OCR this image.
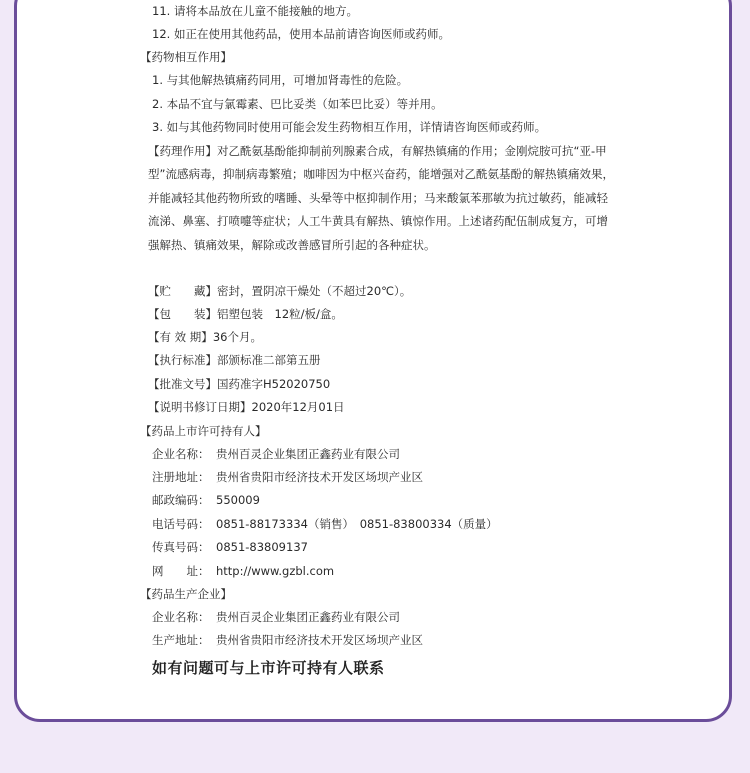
11. 请将本品放在儿童不能接触的地方。
12. 如正在使用其他药品，使用本品前请咨询医师或药师。
【药物相互作用】
1. 与其他解热镇痛药同用，可增加肾毒性的危险。
2. 本品不宜与氯霉素、巴比妥类（如苯巴比妥）等并用。
3. 如与其他药物同时使用可能会发生药物相互作用，详情请咨询医师或药师。
【药理作用】对乙酰氨基酚能抑制前列腺素合成，有解热镇痛的作用；金刚烷胺可抗“亚-甲型”流感病毒，抑制病毒繁殖；咖啡因为中枢兴奋药，能增强对乙酰氨基酚的解热镇痛效果，并能减轻其他药物所致的嗜睡、头晕等中枢抑制作用；马来酸氯苯那敏为抗过敏药，能减轻流涕、鼻塞、打喷嚏等症状；人工牛黄具有解热、镇惊作用。上述诸药配伍制成复方，可增强解热、镇痛效果，解除或改善感冒所引起的各种症状。
【贮　　藏】密封，置阴凉干燥处（不超过20℃）。
【包　　装】铝塑包装　12粒/板/盒。
【有 效 期】36个月。
【执行标准】部颁标准二部第五册
【批准文号】国药准字H52020750
【说明书修订日期】2020年12月01日
【药品上市许可持有人】
企业名称： 贵州百灵企业集团正鑫药业有限公司
注册地址： 贵州省贵阳市经济技术开发区场坝产业区
邮政编码： 550009
电话号码： 0851-88173334（销售）　0851-83800334（质量）
传真号码： 0851-83809137
网　　址： http://www.gzbl.com
【药品生产企业】
企业名称： 贵州百灵企业集团正鑫药业有限公司
生产地址： 贵州省贵阳市经济技术开发区场坝产业区
如有问题可与上市许可持有人联系
